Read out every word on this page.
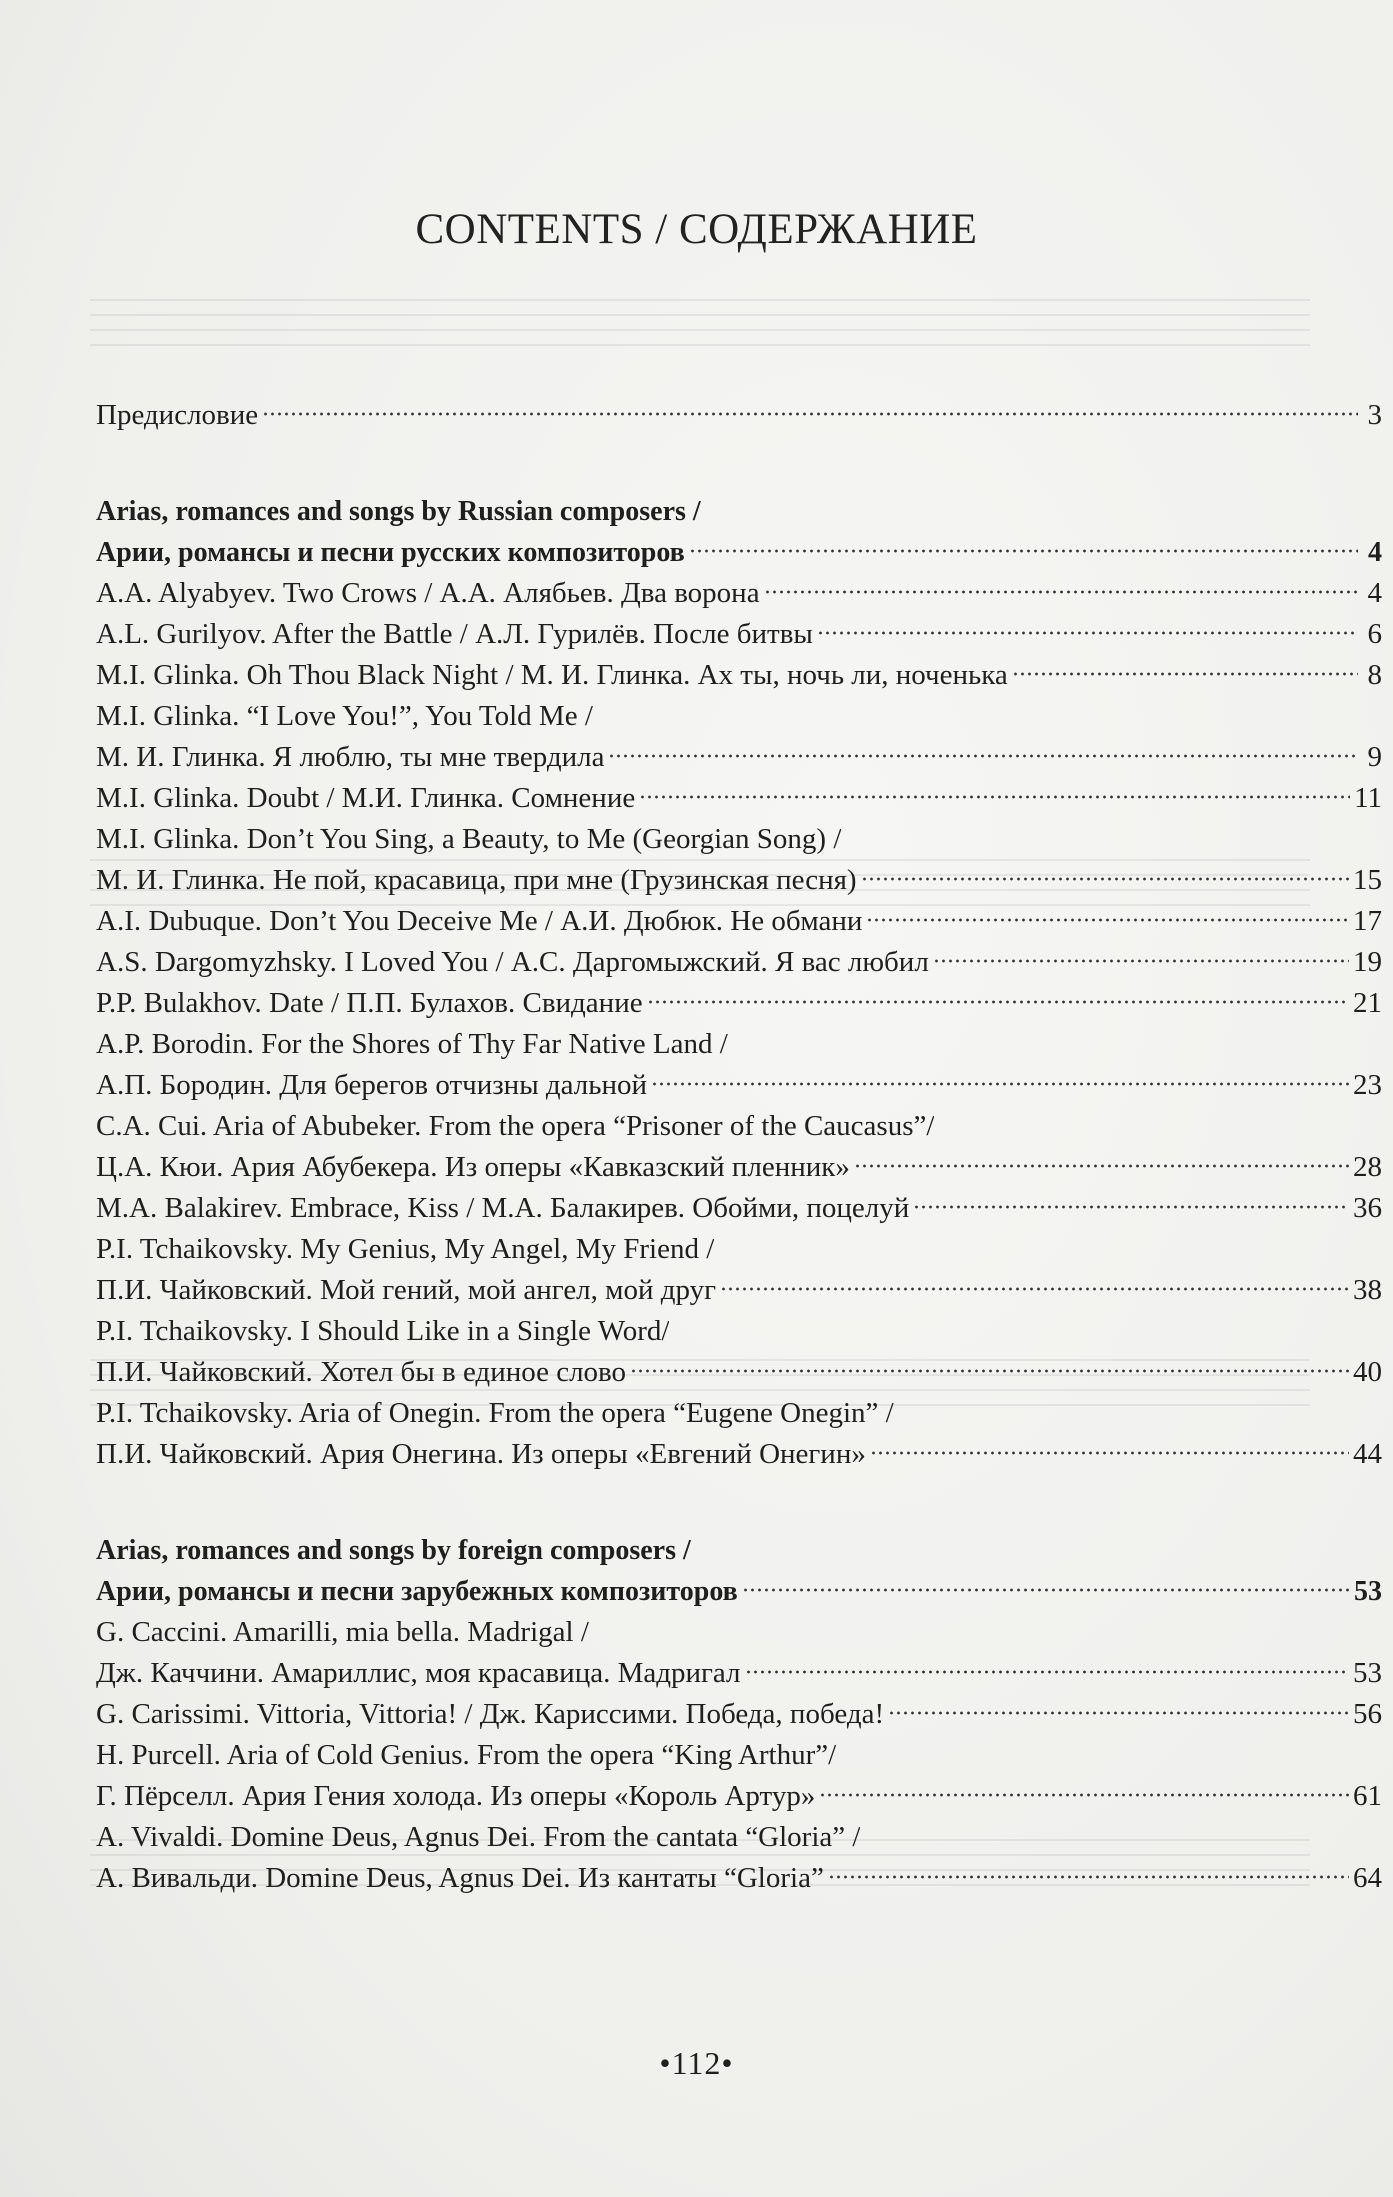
CONTENTS / СОДЕРЖАНИЕ
Предисловие	3
Arias, romances and songs by Russian composers /
Арии, романсы и песни русских композиторов	4
A.A. Alyabyev. Two Crows / А.А. Алябьев. Два ворона	4
A.L. Gurilyov. After the Battle / А.Л. Гурилёв. После битвы	6
M.I. Glinka. Oh Thou Black Night / М. И. Глинка. Ах ты, ночь ли, ноченька	8
M.I. Glinka. “I Love You!”, You Told Me /
М. И. Глинка. Я люблю, ты мне твердила	9
M.I. Glinka. Doubt / М.И. Глинка. Сомнение	11
M.I. Glinka. Don’t You Sing, a Beauty, to Me (Georgian Song) /
М. И. Глинка. Не пой, красавица, при мне (Грузинская песня)	15
A.I. Dubuque. Don’t You Deceive Me / А.И. Дюбюк. Не обмани	17
A.S. Dargomyzhsky. I Loved You / А.С. Даргомыжский. Я вас любил	19
P.P. Bulakhov. Date / П.П. Булахов. Свидание	21
A.P. Borodin. For the Shores of Thy Far Native Land /
А.П. Бородин. Для берегов отчизны дальной	23
C.A. Cui. Aria of Abubeker. From the opera “Prisoner of the Caucasus”/
Ц.А. Кюи. Ария Абубекера. Из оперы «Кавказский пленник»	28
M.A. Balakirev. Embrace, Kiss / М.А. Балакирев. Обойми, поцелуй	36
P.I. Tchaikovsky. My Genius, My Angel, My Friend /
П.И. Чайковский. Мой гений, мой ангел, мой друг	38
P.I. Tchaikovsky. I Should Like in a Single Word/
П.И. Чайковский. Хотел бы в единое слово	40
P.I. Tchaikovsky. Aria of Onegin. From the opera “Eugene Onegin” /
П.И. Чайковский. Ария Онегина. Из оперы «Евгений Онегин»	44
Arias, romances and songs by foreign composers /
Арии, романсы и песни зарубежных композиторов	53
G. Caccini. Amarilli, mia bella. Madrigal /
Дж. Каччини. Амариллис, моя красавица. Мадригал	53
G. Carissimi. Vittoria, Vittoria! / Дж. Кариссими. Победа, победа!	56
H. Purcell. Aria of Cold Genius. From the opera “King Arthur”/
Г. Пёрселл. Ария Гения холода. Из оперы «Король Артур»	61
A. Vivaldi. Domine Deus, Agnus Dei. From the cantata “Gloria” /
А. Вивальди. Domine Deus, Agnus Dei. Из кантаты “Gloria”	64
•112•
